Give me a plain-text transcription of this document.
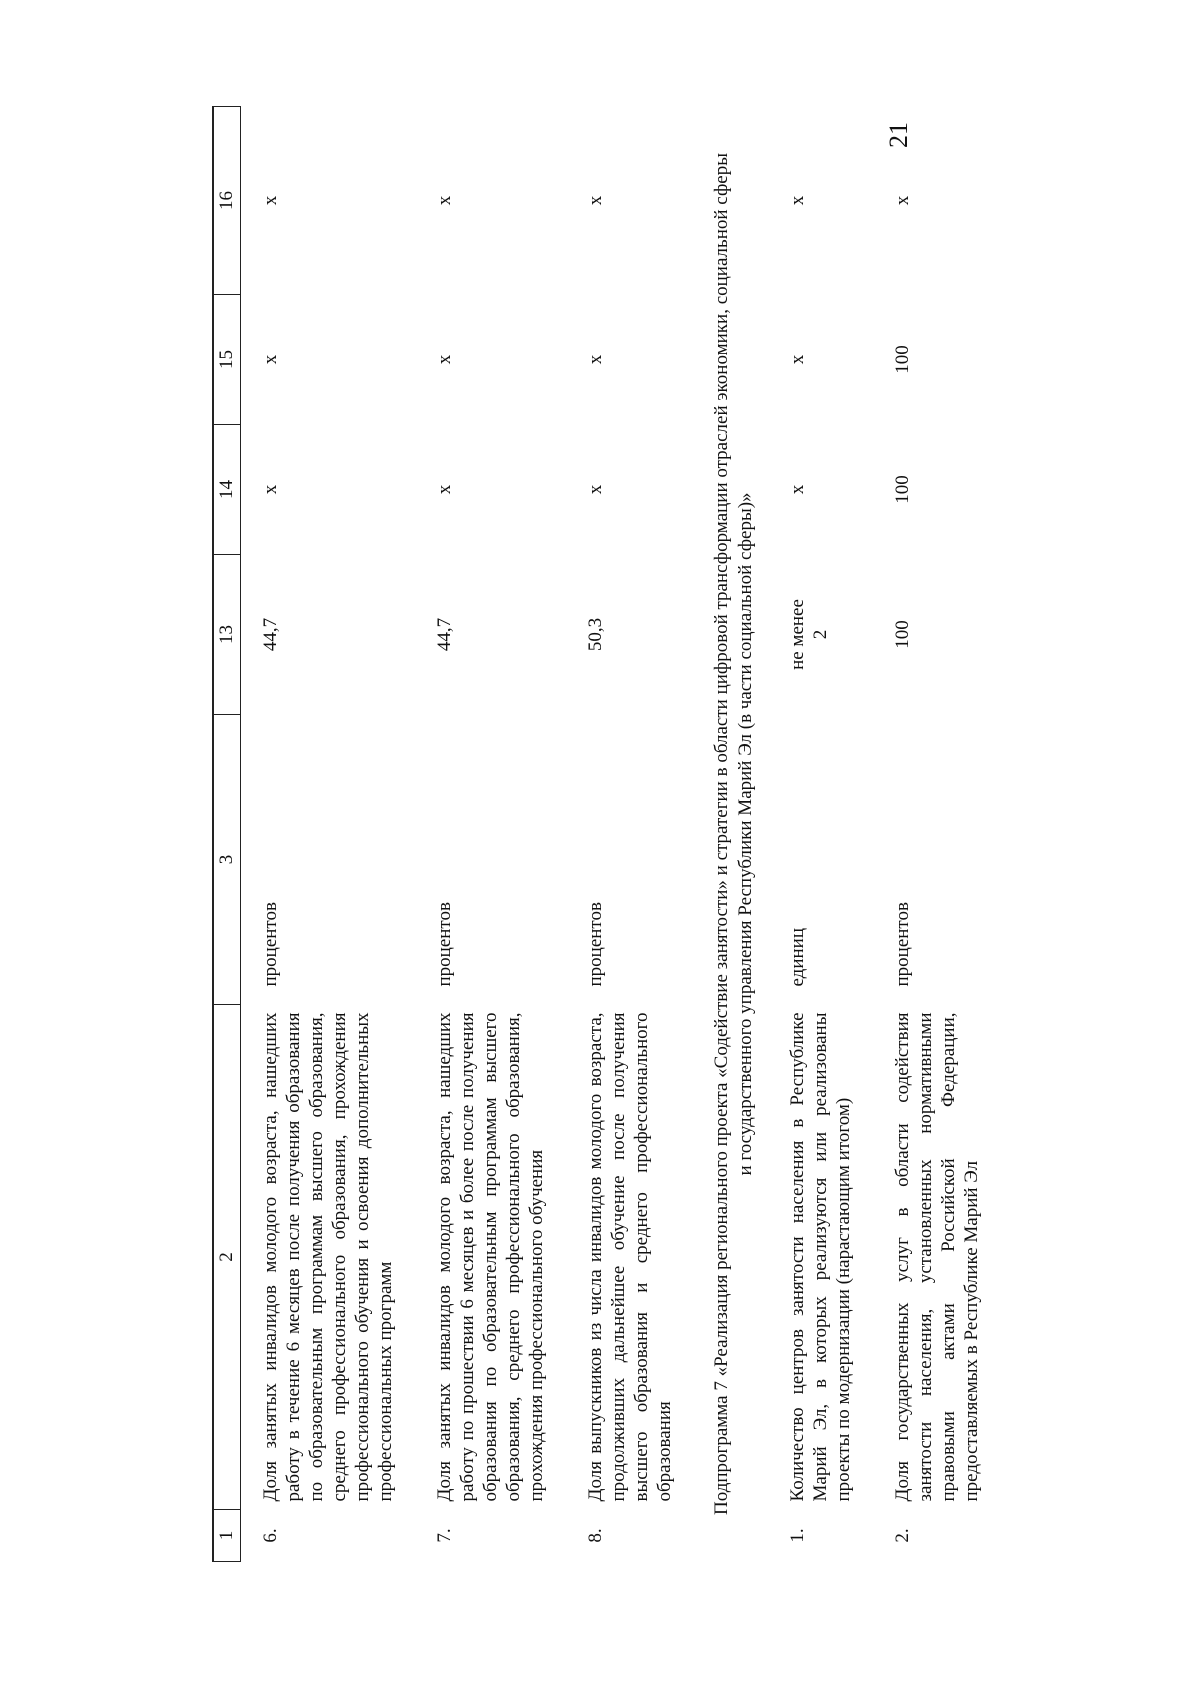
21
1	2	3	13	14	15	16
6.	Доля занятых инвалидов молодого возраста, нашедших работу в течение 6 месяцев после получения образования по образовательным программам высшего образования, среднего профессионального образования, прохождения профессионального обучения и освоения дополнительных профессиональных программ	процентов	44,7	х	х	х
7.	Доля занятых инвалидов молодого возраста, нашедших работу по прошествии 6 месяцев и более после получения образования по образовательным программам высшего образования, среднего профессионального образования, прохождения профессионального обучения	процентов	44,7	х	х	х
8.	Доля выпускников из числа инвалидов молодого возраста, продолживших дальнейшее обучение после получения высшего образования и среднего профессионального образования	процентов	50,3	х	х	х
Подпрограмма 7 «Реализация регионального проекта «Содействие занятости» и стратегии в области цифровой трансформации отраслей экономики, социальной сферы и государственного управления Республики Марий Эл (в части социальной сферы)»						
1.	Количество центров занятости населения в Республике Марий Эл, в которых реализуются или реализованы проекты по модернизации (нарастающим итогом)	единиц	не менее 2	х	х	х
2.	Доля государственных услуг в области содействия занятости населения, установленных нормативными правовыми актами Российской Федерации, предоставляемых в Республике Марий Эл	процентов	100	100	100	х
